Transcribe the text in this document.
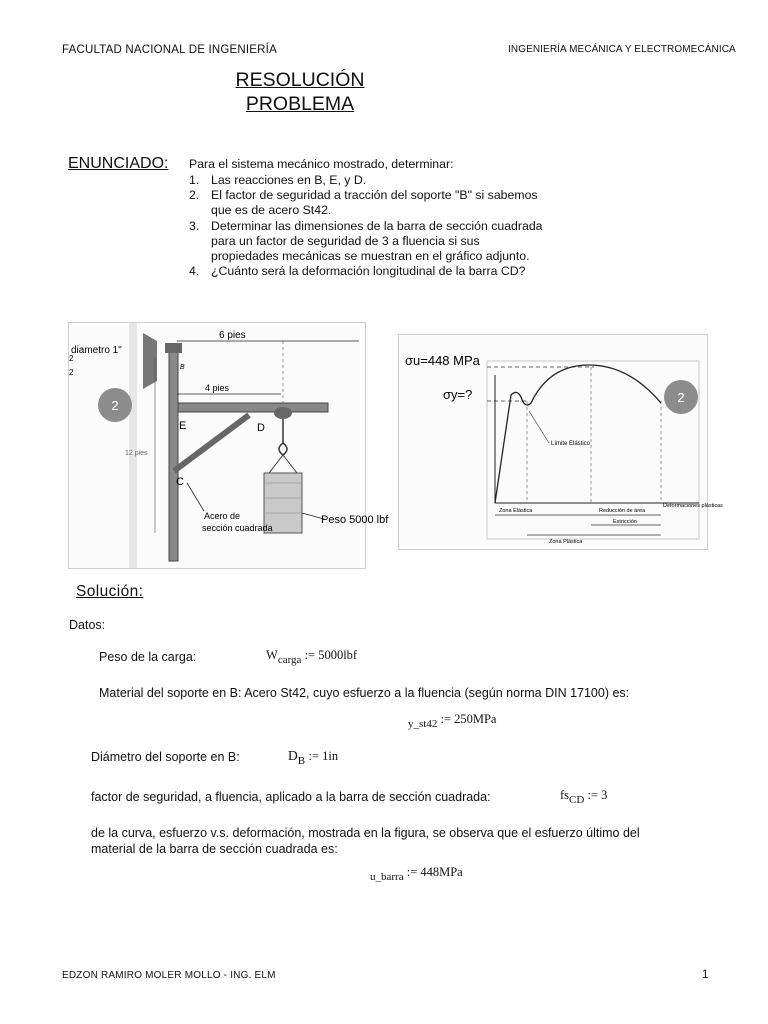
FACULTAD NACIONAL DE INGENIERÍA	INGENIERÍA MECÁNICA Y ELECTROMECÁNICA
RESOLUCIÓN
PROBLEMA
ENUNCIADO: Para el sistema mecánico mostrado, determinar:
1. Las reacciones en B, E, y D.
2. El factor de seguridad a tracción del soporte "B" si sabemos
que es de acero St42.
3. Determinar las dimensiones de la barra de sección cuadrada
para un factor de seguridad de 3 a fluencia si sus
propiedades mecánicas se muestran en el gráfico adjunto.
4. ¿Cuánto será la deformación longitudinal de la barra CD?
2
diametro 1"
6 pies
4 pies
12 pies
B
E	D
C
2
2
Acero de
sección cuadrada
Peso 5000 lbf
2
σu=448 MPa
σy=?
Límite Elástico
Zona Elástica	Reducción de área
Deformaciones plásticas
Estricción
Zona Plástica
Solución:
Datos:
Peso de la carga:	Wcarga := 5000lbf
Material del soporte en B: Acero St42, cuyo esfuerzo a la fluencia (según norma DIN 17100) es:
y_st42 := 250MPa
Diámetro del soporte en B:	$D_B$ := 1in
factor de seguridad, a fluencia, aplicado a la barra de sección cuadrada:	fsCD := 3
de la curva, esfuerzo v.s. deformación, mostrada en la figura, se observa que el esfuerzo último del
material de la barra de sección cuadrada es:
u_barra := 448MPa
EDZON RAMIRO MOLER MOLLO - ING. ELM	1
